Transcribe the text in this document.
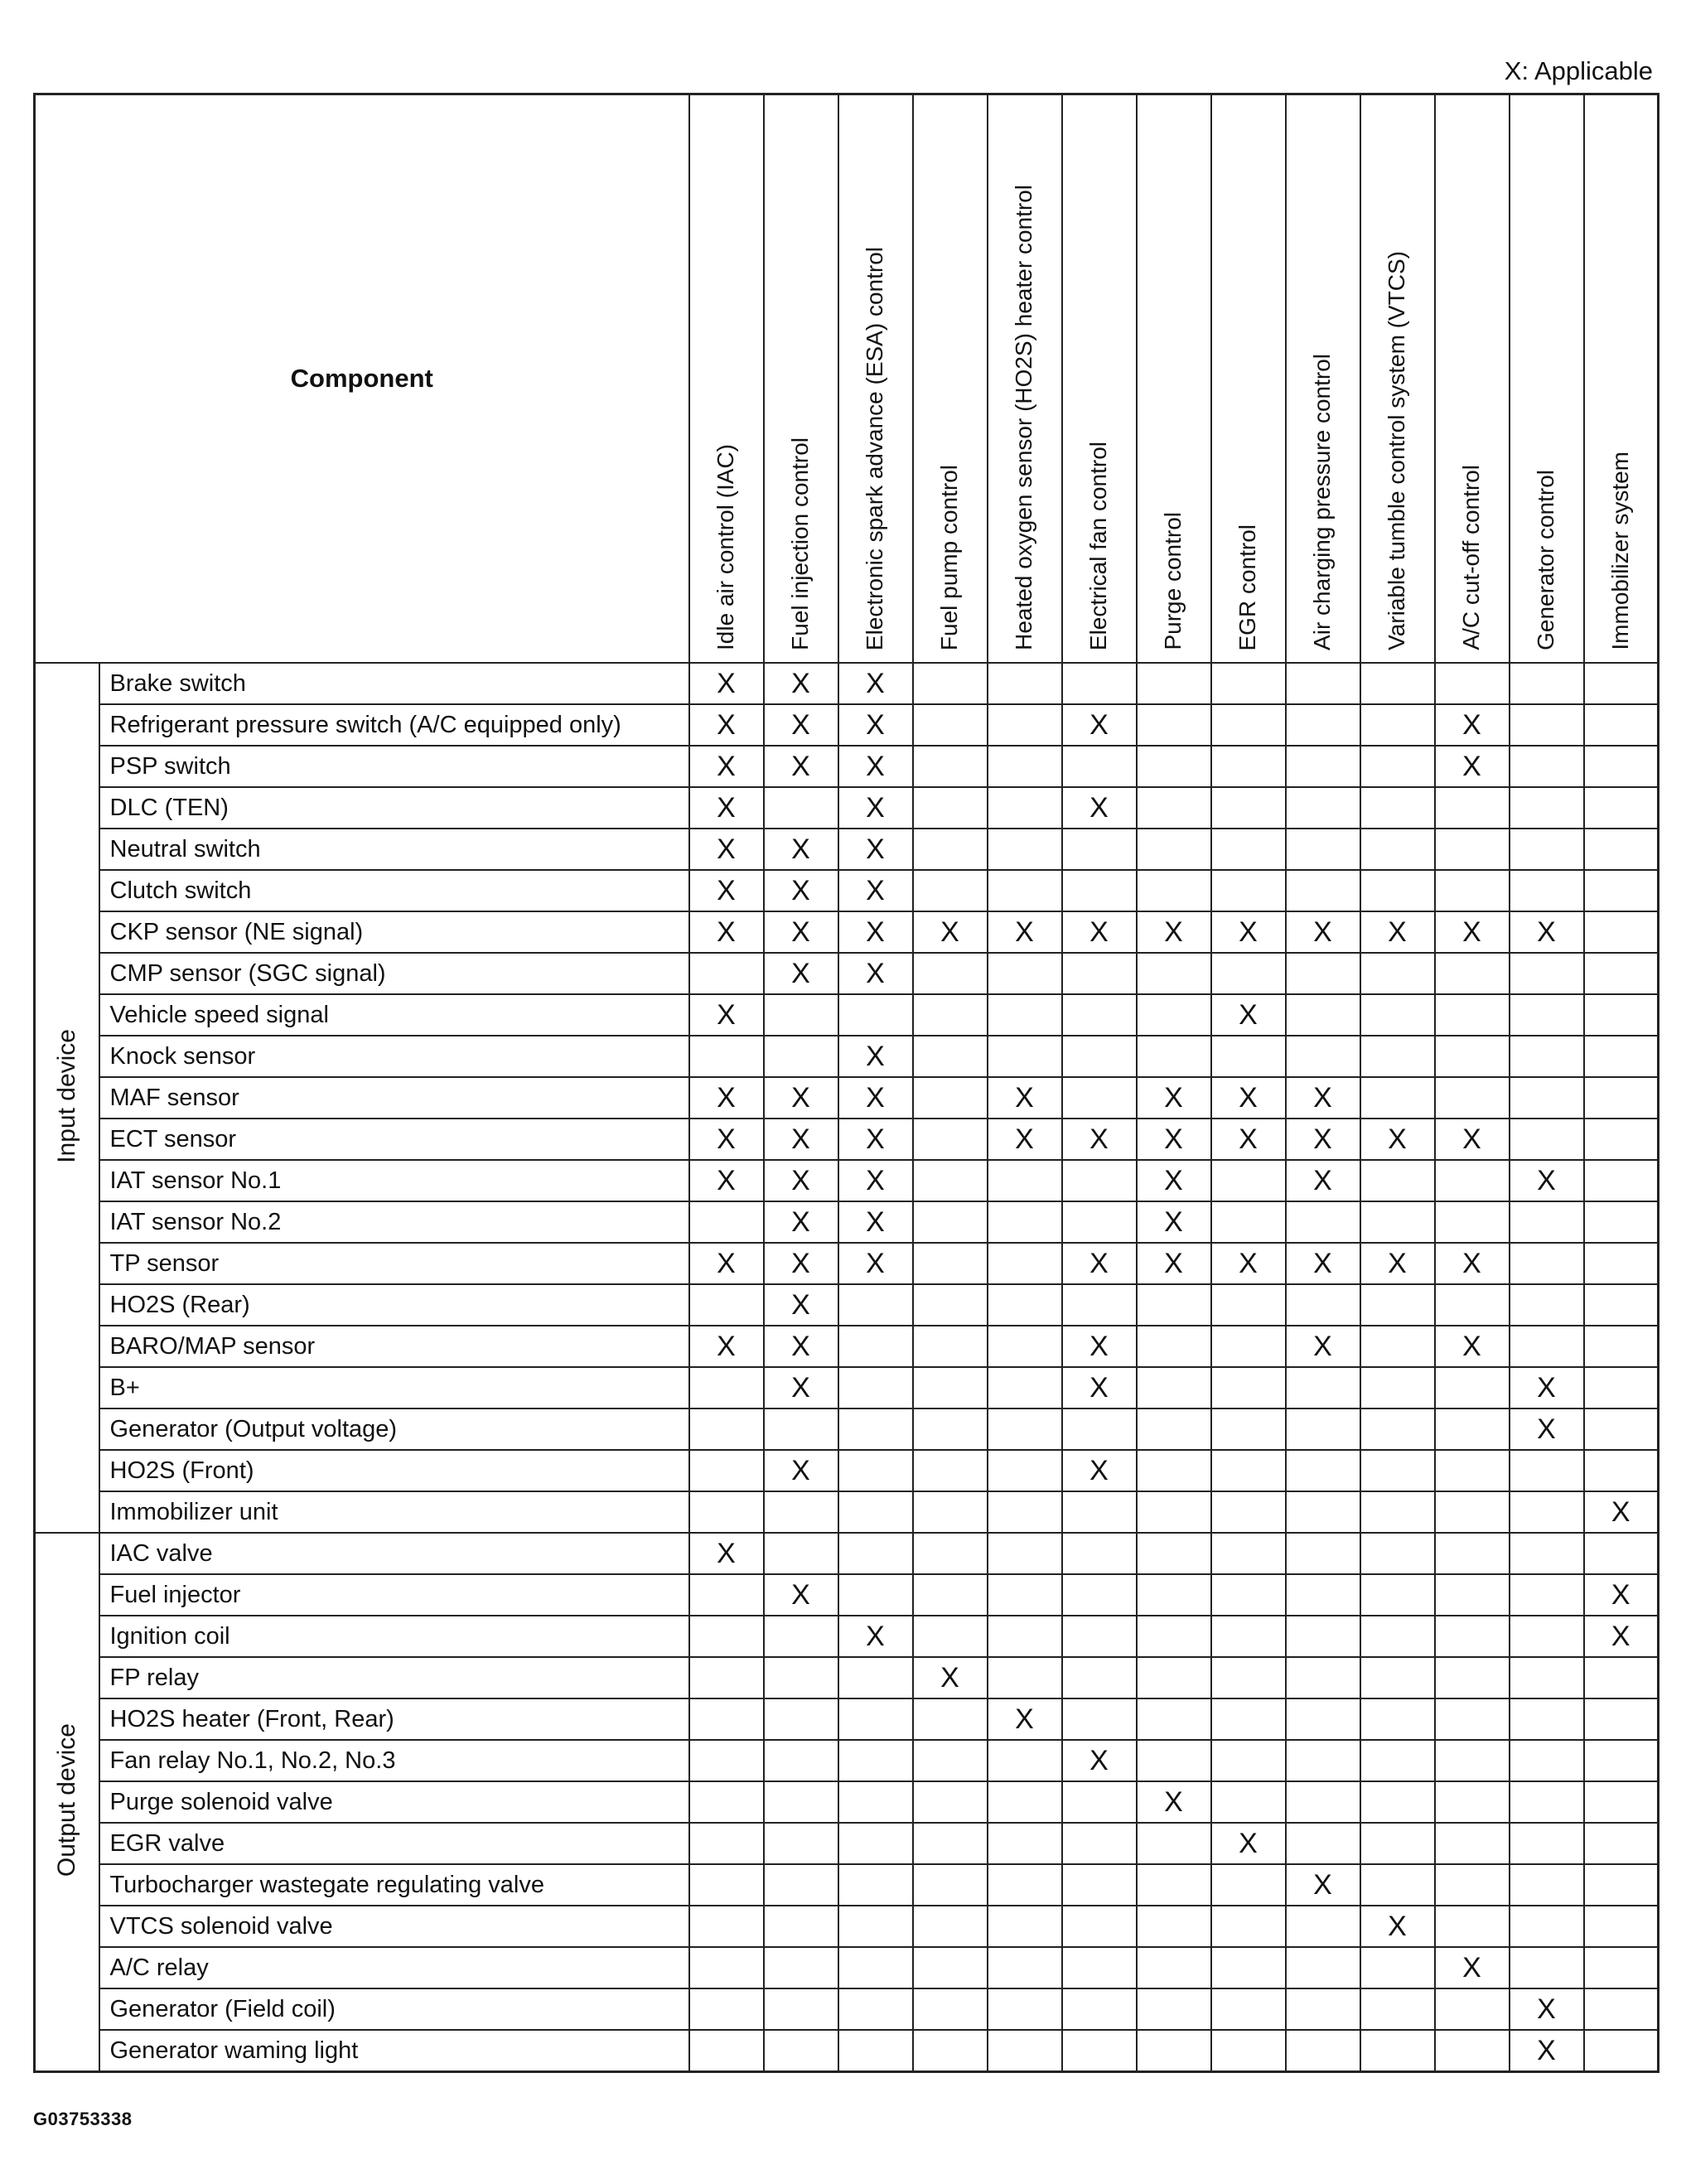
X: Applicable
Component		Idle air control (IAC)	Fuel injection control	Electronic spark advance (ESA) control	Fuel pump control	Heated oxygen sensor (HO2S) heater control	Electrical fan control	Purge control	EGR control	Air charging pressure control	Variable tumble control system (VTCS)	A/C cut-off control	Generator control	Immobilizer system

Input device	Brake switch	X	X	X										
	Refrigerant pressure switch (A/C equipped only)	X	X	X			X					X		
	PSP switch	X	X	X								X		
	DLC (TEN)	X		X			X							
	Neutral switch	X	X	X										
	Clutch switch	X	X	X										
	CKP sensor (NE signal)	X	X	X	X	X	X	X	X	X	X	X	X	
	CMP sensor (SGC signal)		X	X										
	Vehicle speed signal	X							X					
	Knock sensor			X										
	MAF sensor	X	X	X		X		X	X	X				
	ECT sensor	X	X	X		X	X	X	X	X	X	X		
	IAT sensor No.1	X	X	X				X		X			X	
	IAT sensor No.2		X	X				X						
	TP sensor	X	X	X			X	X	X	X	X	X		
	HO2S (Rear)		X											
	BARO/MAP sensor	X	X				X			X		X		
	B+		X				X						X	
	Generator (Output voltage)												X	
	HO2S (Front)		X				X							
	Immobilizer unit													X
Output device	IAC valve	X												
	Fuel injector		X											X
	Ignition coil			X										X
	FP relay				X									
	HO2S heater (Front, Rear)					X								
	Fan relay No.1, No.2, No.3						X							
	Purge solenoid valve							X						
	EGR valve								X					
	Turbocharger wastegate regulating valve									X				
	VTCS solenoid valve										X			
	A/C relay											X		
	Generator (Field coil)												X	
	Generator waming light												X	
G03753338
